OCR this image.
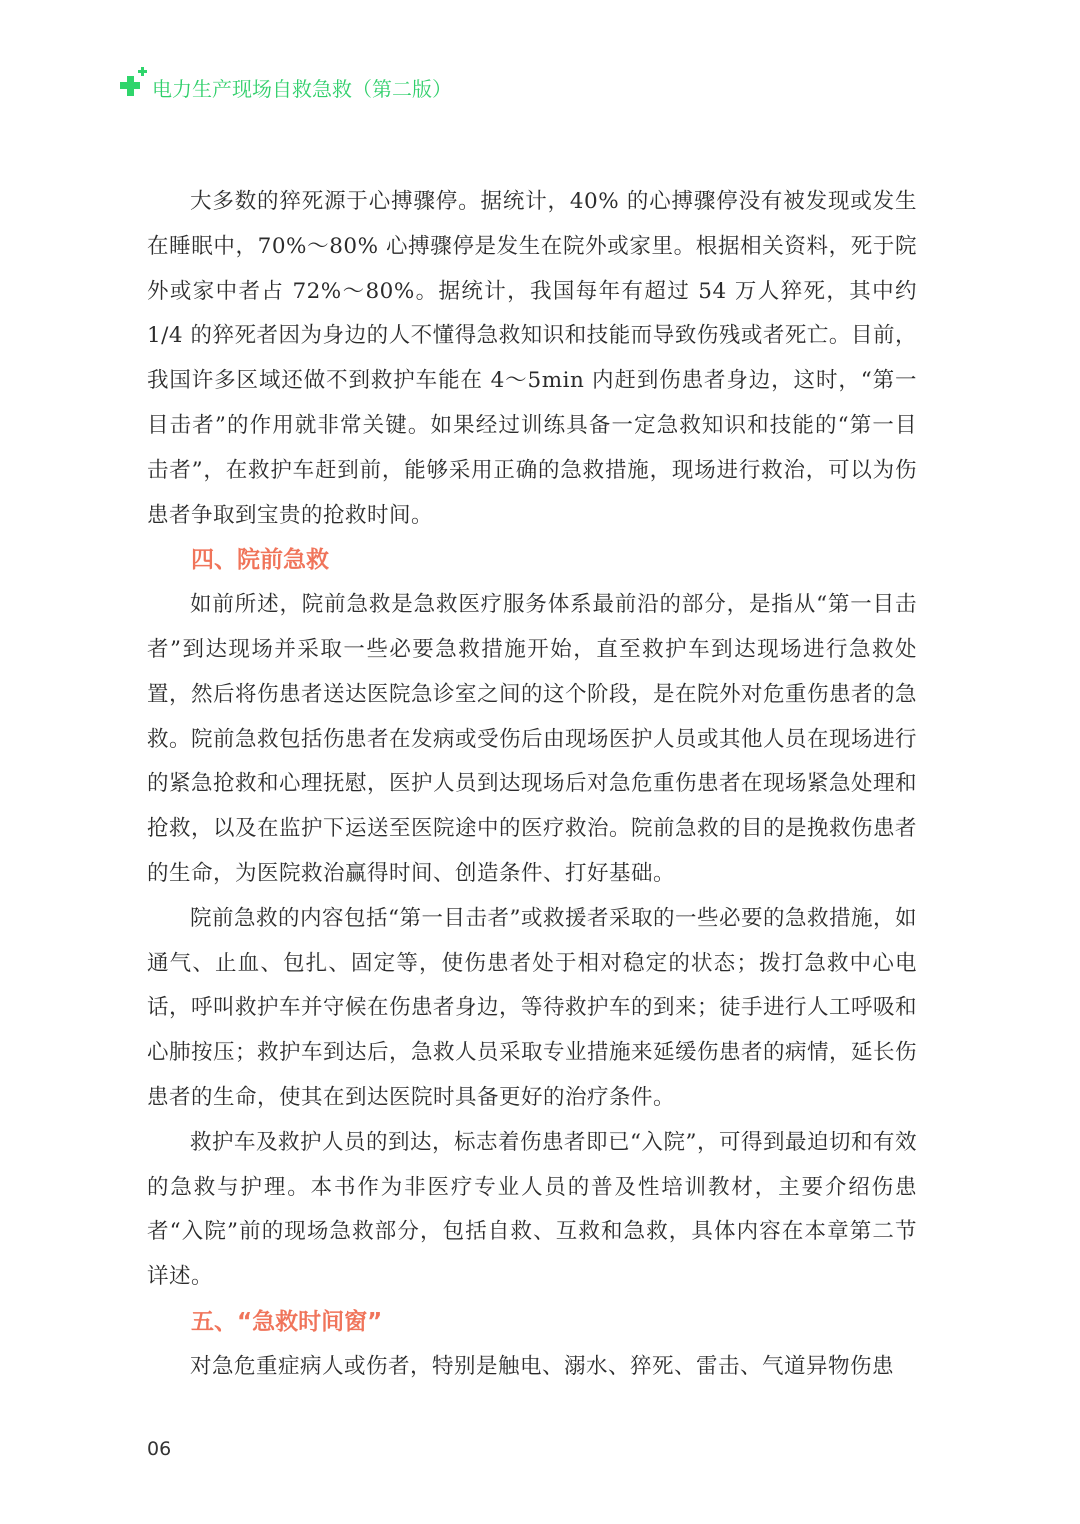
电力生产现场自救急救（第二版）

大多数的猝死源于心搏骤停。据统计，40% 的心搏骤停没有被发现或发生在睡眠中，70%～80% 心搏骤停是发生在院外或家里。根据相关资料，死于院外或家中者占 72%～80%。据统计，我国每年有超过 54 万人猝死，其中约 1/4 的猝死者因为身边的人不懂得急救知识和技能而导致伤残或者死亡。目前，我国许多区域还做不到救护车能在 4～5min 内赶到伤患者身边，这时，“第一目击者”的作用就非常关键。如果经过训练具备一定急救知识和技能的“第一目击者”，在救护车赶到前，能够采用正确的急救措施，现场进行救治，可以为伤患者争取到宝贵的抢救时间。

四、院前急救

如前所述，院前急救是急救医疗服务体系最前沿的部分，是指从“第一目击者”到达现场并采取一些必要急救措施开始，直至救护车到达现场进行急救处置，然后将伤患者送达医院急诊室之间的这个阶段，是在院外对危重伤患者的急救。院前急救包括伤患者在发病或受伤后由现场医护人员或其他人员在现场进行的紧急抢救和心理抚慰，医护人员到达现场后对急危重伤患者在现场紧急处理和抢救，以及在监护下运送至医院途中的医疗救治。院前急救的目的是挽救伤患者的生命，为医院救治赢得时间、创造条件、打好基础。

院前急救的内容包括“第一目击者”或救援者采取的一些必要的急救措施，如通气、止血、包扎、固定等，使伤患者处于相对稳定的状态；拨打急救中心电话，呼叫救护车并守候在伤患者身边，等待救护车的到来；徒手进行人工呼吸和心肺按压；救护车到达后，急救人员采取专业措施来延缓伤患者的病情，延长伤患者的生命，使其在到达医院时具备更好的治疗条件。

救护车及救护人员的到达，标志着伤患者即已“入院”，可得到最迫切和有效的急救与护理。本书作为非医疗专业人员的普及性培训教材，主要介绍伤患者“入院”前的现场急救部分，包括自救、互救和急救，具体内容在本章第二节详述。

五、“急救时间窗”

对急危重症病人或伤者，特别是触电、溺水、猝死、雷击、气道异物伤患

06
